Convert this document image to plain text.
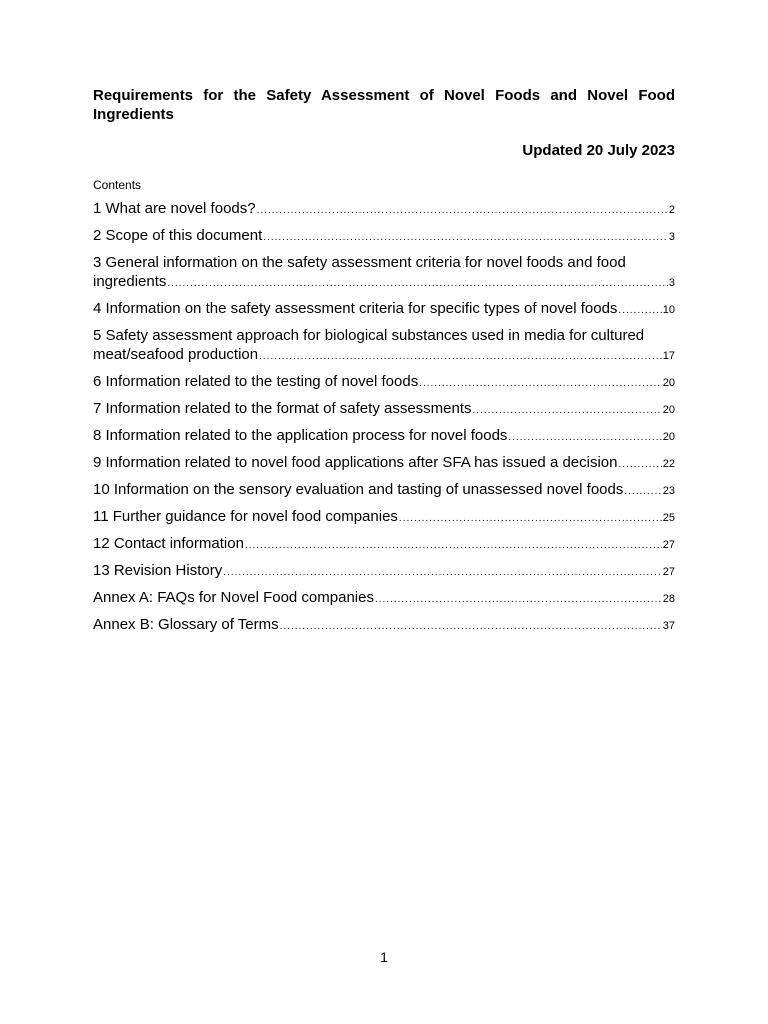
Requirements for the Safety Assessment of Novel Foods and Novel Food Ingredients

Updated 20 July 2023

Contents

1 What are novel foods? .....	2
2 Scope of this document .....	3
3 General information on the safety assessment criteria for novel foods and food
ingredients .....	3
4 Information on the safety assessment criteria for specific types of novel foods .....	10
5 Safety assessment approach for biological substances used in media for cultured
meat/seafood production .....	17
6 Information related to the testing of novel foods .....	20
7 Information related to the format of safety assessments .....	20
8 Information related to the application process for novel foods .....	20
9 Information related to novel food applications after SFA has issued a decision .....	22
10 Information on the sensory evaluation and tasting of unassessed novel foods .....	23
11 Further guidance for novel food companies .....	25
12 Contact information .....	27
13 Revision History .....	27
Annex A: FAQs for Novel Food companies .....	28
Annex B: Glossary of Terms .....	37

1
